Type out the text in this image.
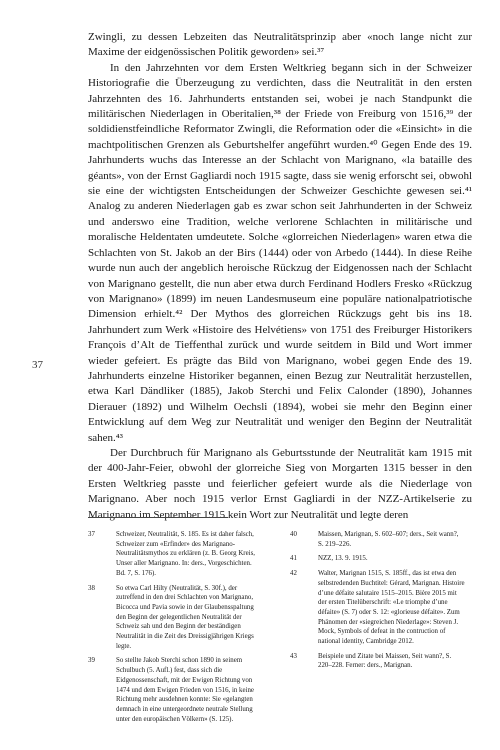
37

Zwingli, zu dessen Lebzeiten das Neutralitätsprinzip aber «noch lange nicht zur Maxime der eidgenössischen Politik geworden» sei.³⁷

In den Jahrzehnten vor dem Ersten Weltkrieg begann sich in der Schweizer Historiografie die Überzeugung zu verdichten, dass die Neutralität in den ersten Jahrzehnten des 16. Jahrhunderts entstanden sei, wobei je nach Standpunkt die militärischen Niederlagen in Oberitalien,³⁸ der Friede von Freiburg von 1516,³⁹ der soldidienstfeindliche Reformator Zwingli, die Reformation oder die «Einsicht» in die machtpolitischen Grenzen als Geburtshelfer angeführt wurden.⁴⁰ Gegen Ende des 19. Jahrhunderts wuchs das Interesse an der Schlacht von Marignano, «la bataille des géants», von der Ernst Gagliardi noch 1915 sagte, dass sie wenig erforscht sei, obwohl sie eine der wichtigsten Entscheidungen der Schweizer Geschichte gewesen sei.⁴¹ Analog zu anderen Niederlagen gab es zwar schon seit Jahrhunderten in der Schweiz und anderswo eine Tradition, welche verlorene Schlachten in militärische und moralische Heldentaten umdeutete. Solche «glorreichen Niederlagen» waren etwa die Schlachten von St. Jakob an der Birs (1444) oder von Arbedo (1444). In diese Reihe wurde nun auch der angeblich heroische Rückzug der Eidgenossen nach der Schlacht von Marignano gestellt, die nun aber etwa durch Ferdinand Hodlers Fresko «Rückzug von Marignano» (1899) im neuen Landesmuseum eine populäre nationalpatriotische Dimension erhielt.⁴² Der Mythos des glorreichen Rückzugs geht bis ins 18. Jahrhundert zum Werk «Histoire des Helvétiens» von 1751 des Freiburger Historikers François d’Alt de Tieffenthal zurück und wurde seitdem in Bild und Wort immer wieder gefeiert. Es prägte das Bild von Marignano, wobei gegen Ende des 19. Jahrhunderts einzelne Historiker begannen, einen Bezug zur Neutralität herzustellen, etwa Karl Dändliker (1885), Jakob Sterchi und Felix Calonder (1890), Johannes Dierauer (1892) und Wilhelm Oechsli (1894), wobei sie mehr den Beginn einer Entwicklung auf dem Weg zur Neutralität und weniger den Beginn der Neutralität sahen.⁴³

Der Durchbruch für Marignano als Geburtsstunde der Neutralität kam 1915 mit der 400-Jahr-Feier, obwohl der glorreiche Sieg von Morgarten 1315 besser in den Ersten Weltkrieg passte und feierlicher gefeiert wurde als die Niederlage von Marignano. Aber noch 1915 verlor Ernst Gagliardi in der NZZ-Artikelserie zu Marignano im September 1915 kein Wort zur Neutralität und legte deren

37	Schweizer, Neutralität, S. 185. Es ist daher falsch, Schweizer zum «Erfinder» des Marignano-Neutralitätsmythos zu erklären (z. B. Georg Kreis, Unser aller Marignano. In: ders., Vorgeschichten. Bd. 7, S. 176).
38	So etwa Carl Hilty (Neutralität, S. 30f.), der zutreffend in den drei Schlachten von Marignano, Bicocca und Pavia sowie in der Glaubensspaltung den Beginn der gelegentlichen Neutralität der Schweiz sah und den Beginn der beständigen Neutralität in die Zeit des Dreissigjährigen Kriegs legte.
39	So stellte Jakob Sterchi schon 1890 in seinem Schulbuch (5. Aufl.) fest, dass sich die Eidgenossenschaft, mit der Ewigen Richtung von 1474 und dem Ewigen Frieden von 1516, in keine Richtung mehr ausdehnen konnte: Sie «gelangten demnach in eine untergeordnete neutrale Stellung unter den europäischen Völkern» (S. 125).
40	Maissen, Marignan, S. 602–607; ders., Seit wann?, S. 219–226.
41	NZZ, 13. 9. 1915.
42	Walter, Marignan 1515, S. 185ff., das ist etwa den selbstredenden Buchtitel: Gérard, Marignan. Histoire d’une défaite salutaire 1515–2015. Bière 2015 mit der ersten Titelüberschrift: «Le triomphe d’une défaite» (S. 7) oder S. 12: «glorieuse défaite». Zum Phänomen der «siegreichen Niederlage»: Steven J. Mock, Symbols of defeat in the contruction of national identity, Cambridge 2012.
43	Beispiele und Zitate bei Maissen, Seit wann?, S. 220–228. Ferner: ders., Marignan.
